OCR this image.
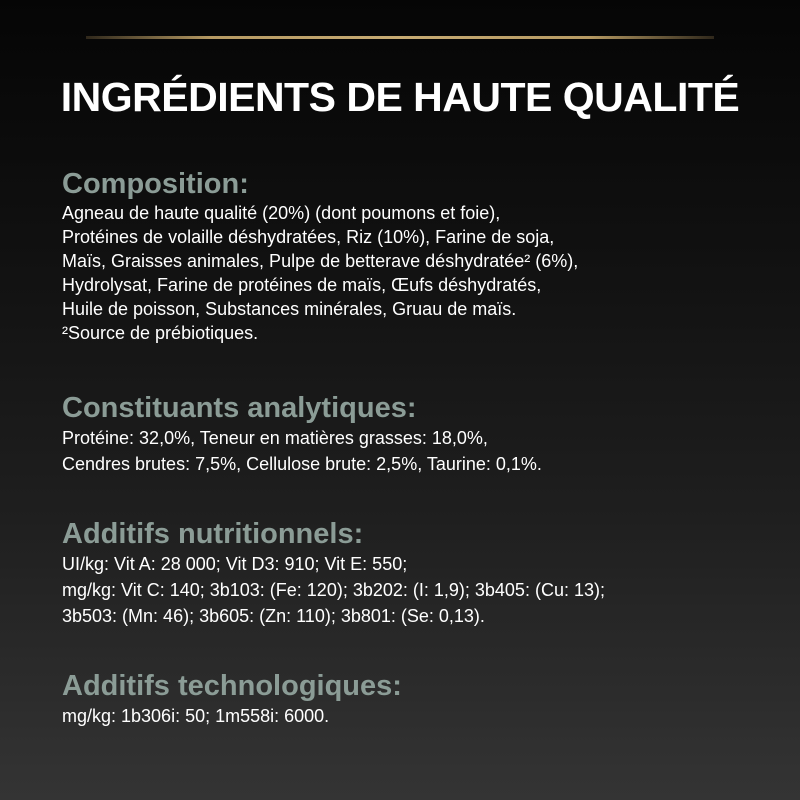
INGRÉDIENTS DE HAUTE QUALITÉ
Composition:
Agneau de haute qualité (20%) (dont poumons et foie),
Protéines de volaille déshydratées, Riz (10%), Farine de soja,
Maïs, Graisses animales, Pulpe de betterave déshydratée² (6%),
Hydrolysat, Farine de protéines de maïs, Œufs déshydratés,
Huile de poisson, Substances minérales, Gruau de maïs.
²Source de prébiotiques.
Constituants analytiques:
Protéine: 32,0%, Teneur en matières grasses: 18,0%,
Cendres brutes: 7,5%, Cellulose brute: 2,5%, Taurine: 0,1%.
Additifs nutritionnels:
UI/kg: Vit A: 28 000; Vit D3: 910; Vit E: 550;
mg/kg: Vit C: 140; 3b103: (Fe: 120); 3b202: (I: 1,9); 3b405: (Cu: 13);
3b503: (Mn: 46); 3b605: (Zn: 110); 3b801: (Se: 0,13).
Additifs technologiques:
mg/kg: 1b306i: 50; 1m558i: 6000.
